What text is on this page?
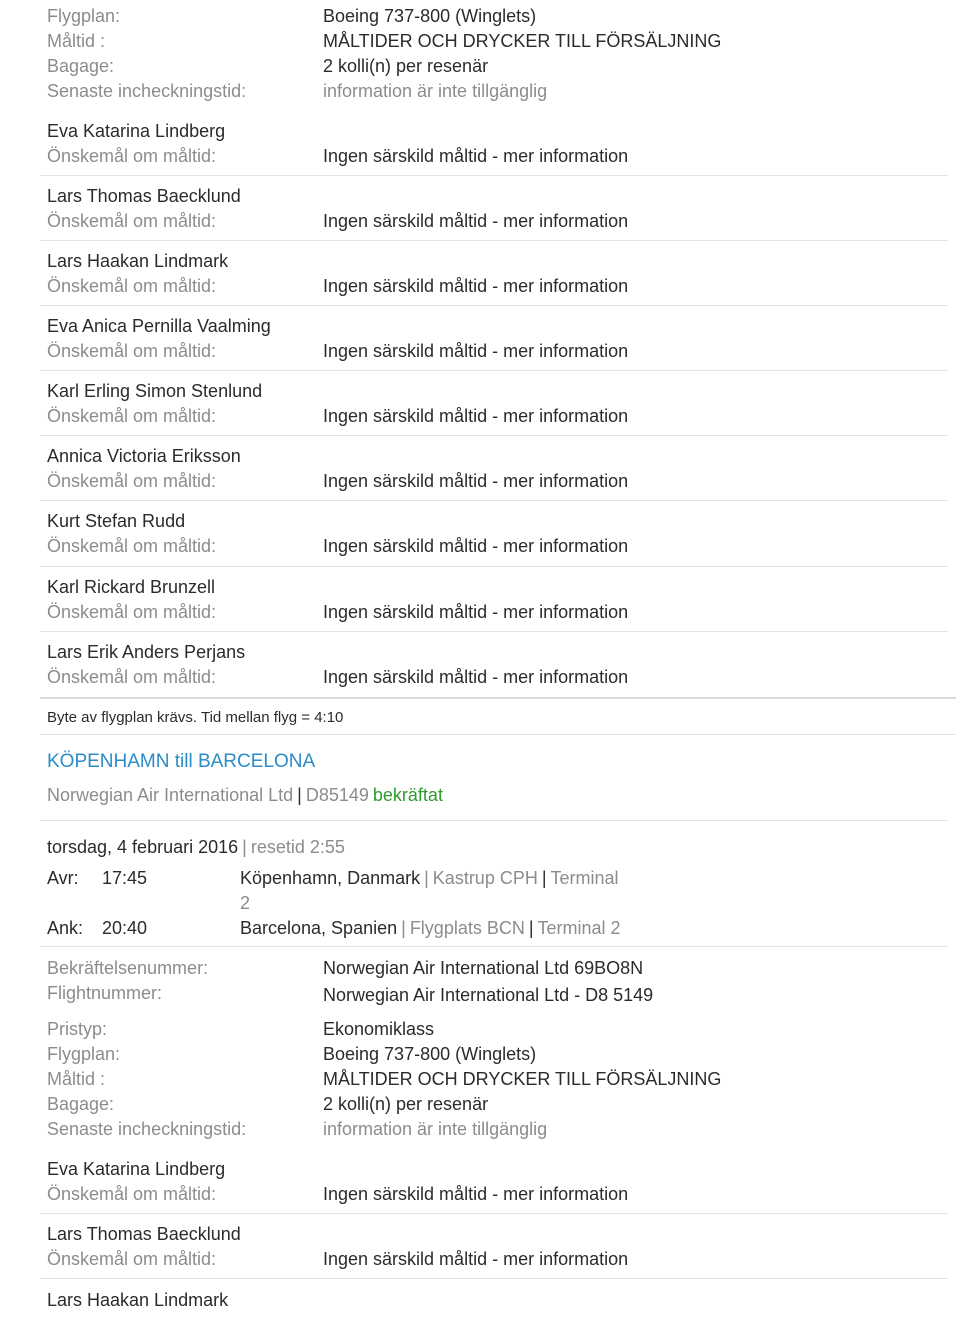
Flygplan:	Boeing 737-800 (Winglets)
Måltid :	MÅLTIDER OCH DRYCKER TILL FÖRSÄLJNING
Bagage:	2 kolli(n) per resenär
Senaste incheckningstid:	information är inte tillgänglig
Eva Katarina Lindberg
Önskemål om måltid:	Ingen särskild måltid - mer information
Lars Thomas Baecklund
Önskemål om måltid:	Ingen särskild måltid - mer information
Lars Haakan Lindmark
Önskemål om måltid:	Ingen särskild måltid - mer information
Eva Anica Pernilla Vaalming
Önskemål om måltid:	Ingen särskild måltid - mer information
Karl Erling Simon Stenlund
Önskemål om måltid:	Ingen särskild måltid - mer information
Annica Victoria Eriksson
Önskemål om måltid:	Ingen särskild måltid - mer information
Kurt Stefan Rudd
Önskemål om måltid:	Ingen särskild måltid - mer information
Karl Rickard Brunzell
Önskemål om måltid:	Ingen särskild måltid - mer information
Lars Erik Anders Perjans
Önskemål om måltid:	Ingen särskild måltid - mer information
Byte av flygplan krävs. Tid mellan flyg = 4:10
KÖPENHAMN till BARCELONA
Norwegian Air International Ltd | D85149 bekräftat
torsdag, 4 februari 2016 | resetid 2:55
Avr: 17:45	Köpenhamn, Danmark | Kastrup CPH | Terminal
2
Ank: 20:40	Barcelona, Spanien | Flygplats BCN | Terminal 2
Bekräftelsenummer:	Norwegian Air International Ltd 69BO8N
Flightnummer:	Norwegian Air International Ltd - D8 5149
Pristyp:	Ekonomiklass
Flygplan:	Boeing 737-800 (Winglets)
Måltid :	MÅLTIDER OCH DRYCKER TILL FÖRSÄLJNING
Bagage:	2 kolli(n) per resenär
Senaste incheckningstid:	information är inte tillgänglig
Eva Katarina Lindberg
Önskemål om måltid:	Ingen särskild måltid - mer information
Lars Thomas Baecklund
Önskemål om måltid:	Ingen särskild måltid - mer information
Lars Haakan Lindmark
